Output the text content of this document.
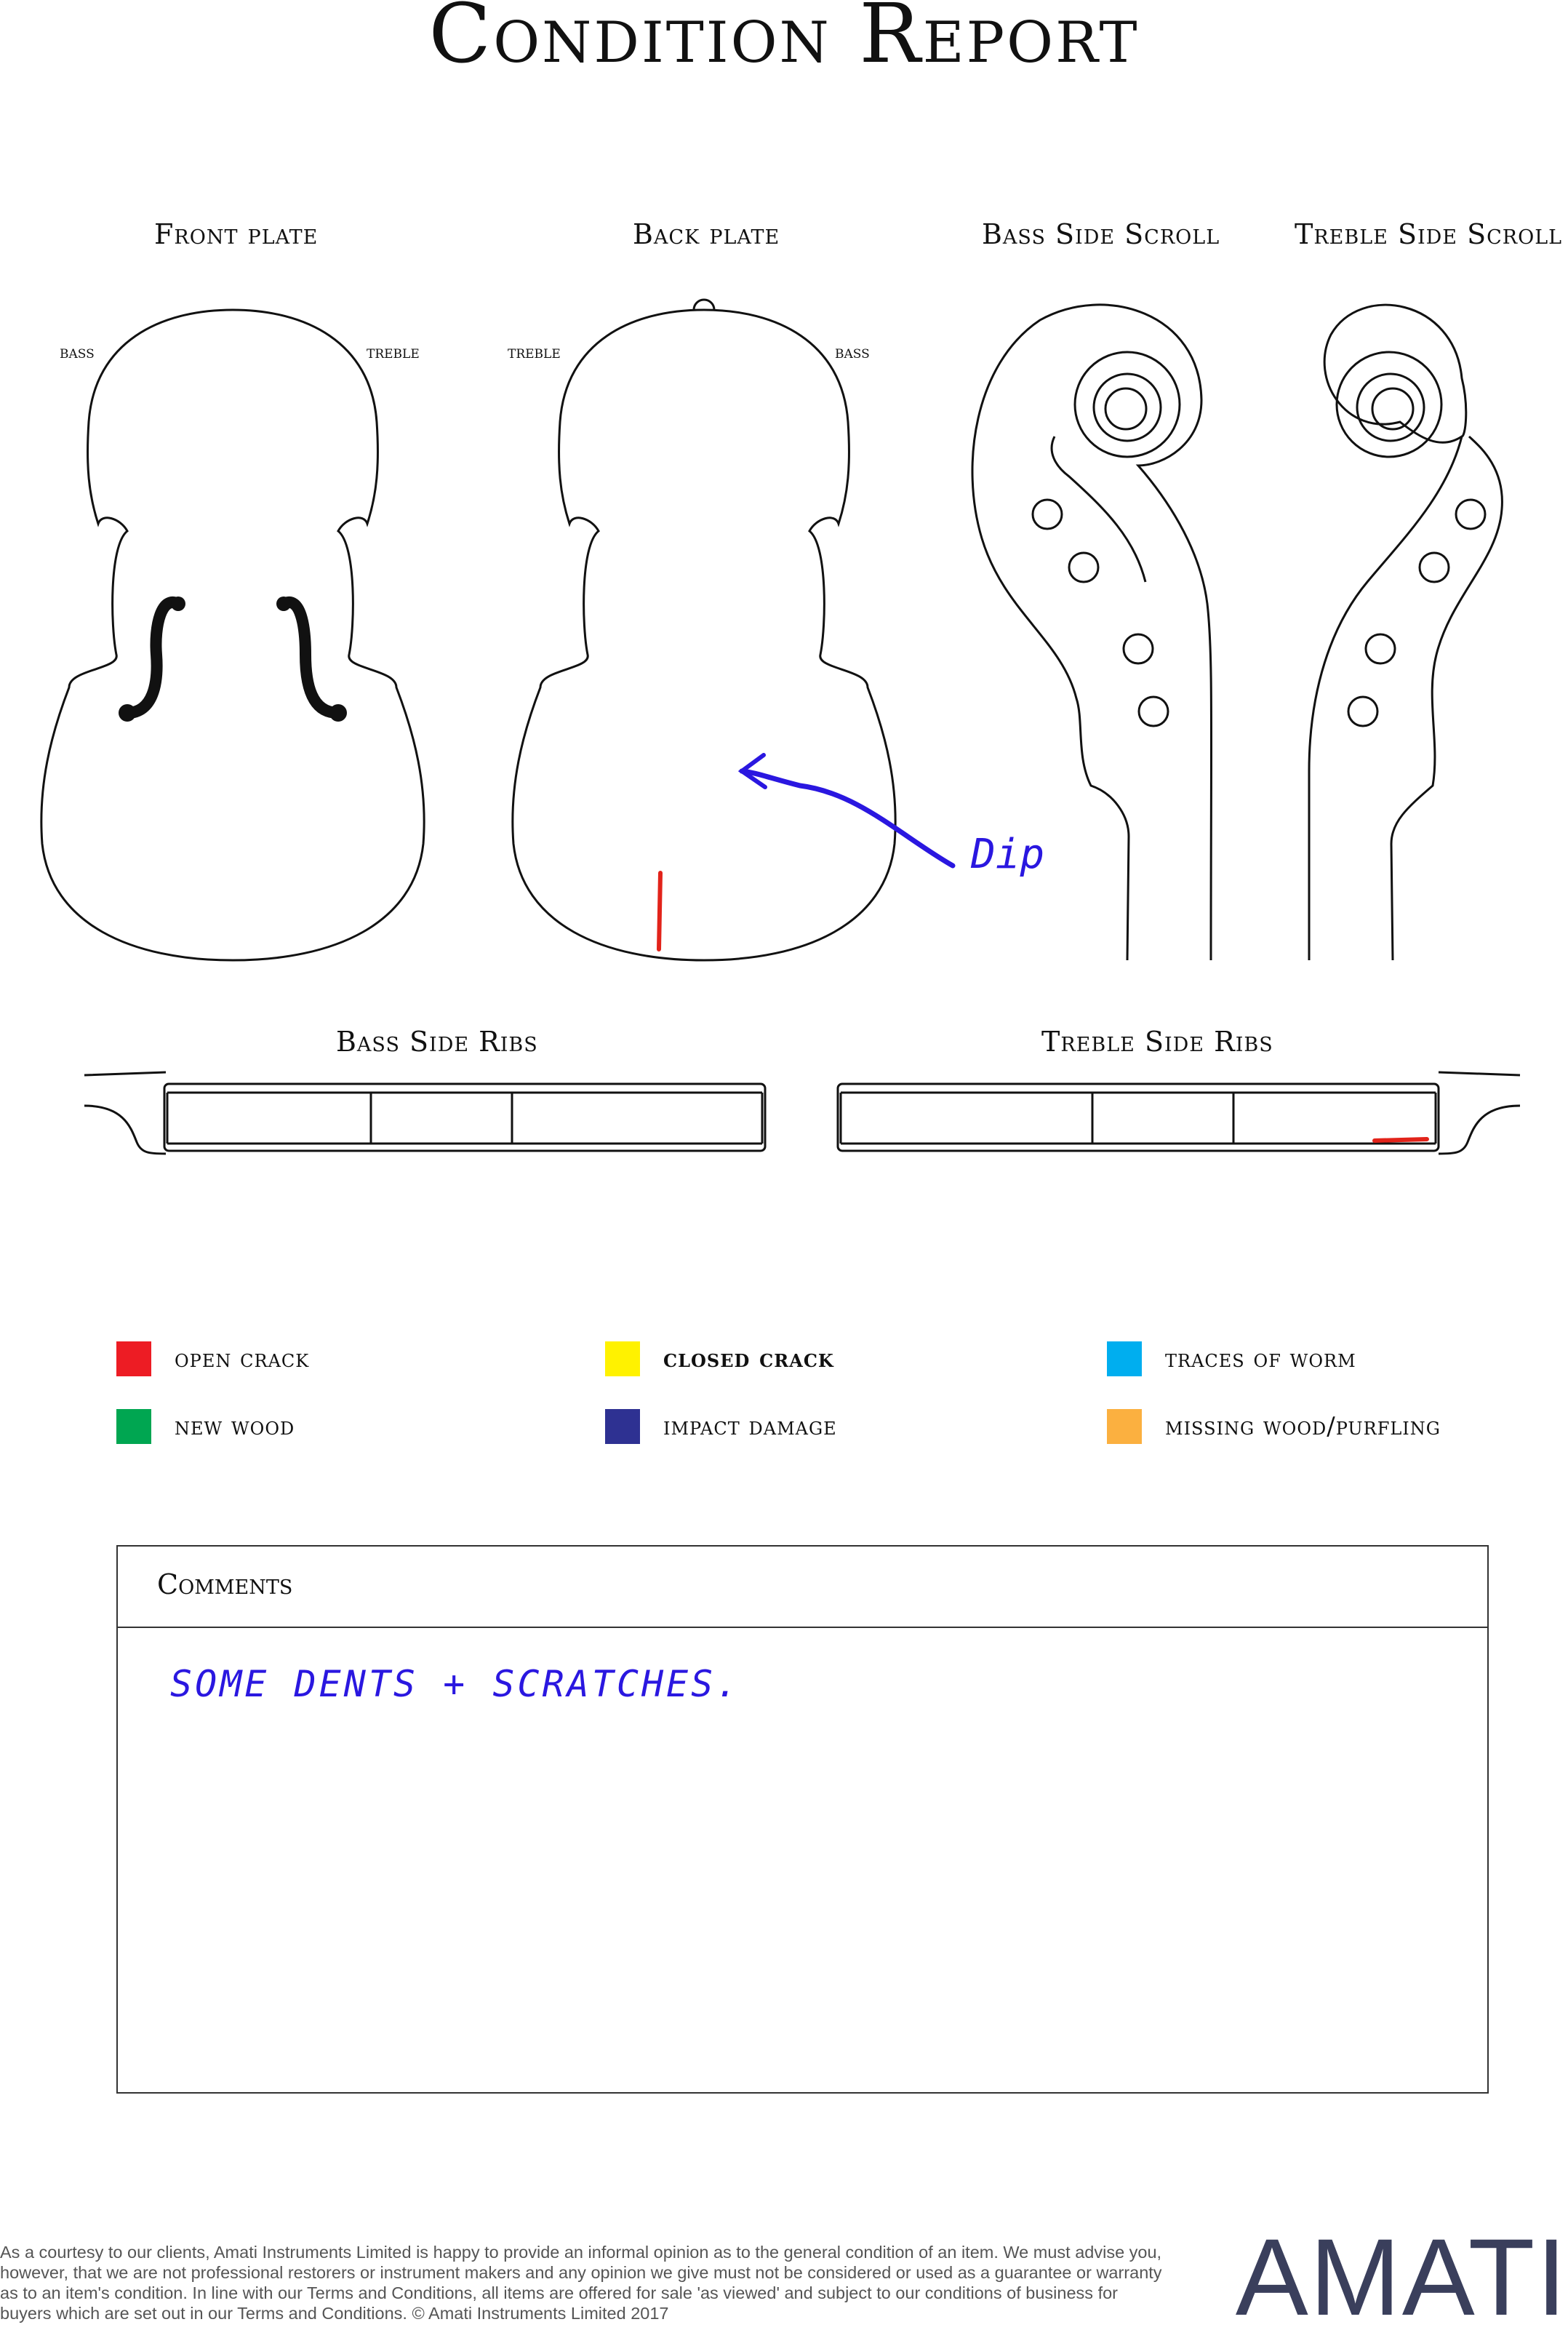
Condition Report
Front plate	Back plate	Bass Side Scroll	Treble Side Scroll
Bass Side Ribs	Treble Side Ribs
bass	treble	treble	bass
Dip
open crack	closed crack	traces of worm
new wood	impact damage	missing wood/purfling
Comments
SOME DENTS + SCRATCHES.
As a courtesy to our clients, Amati Instruments Limited is happy to provide an informal opinion as to the general condition of an item. We must advise you, however, that we are not professional restorers or instrument makers and any opinion we give must not be considered or used as a guarantee or warranty as to an item's condition. In line with our Terms and Conditions, all items are offered for sale 'as viewed' and subject to our conditions of business for buyers which are set out in our Terms and Conditions. © Amati Instruments Limited 2017	AMATI
